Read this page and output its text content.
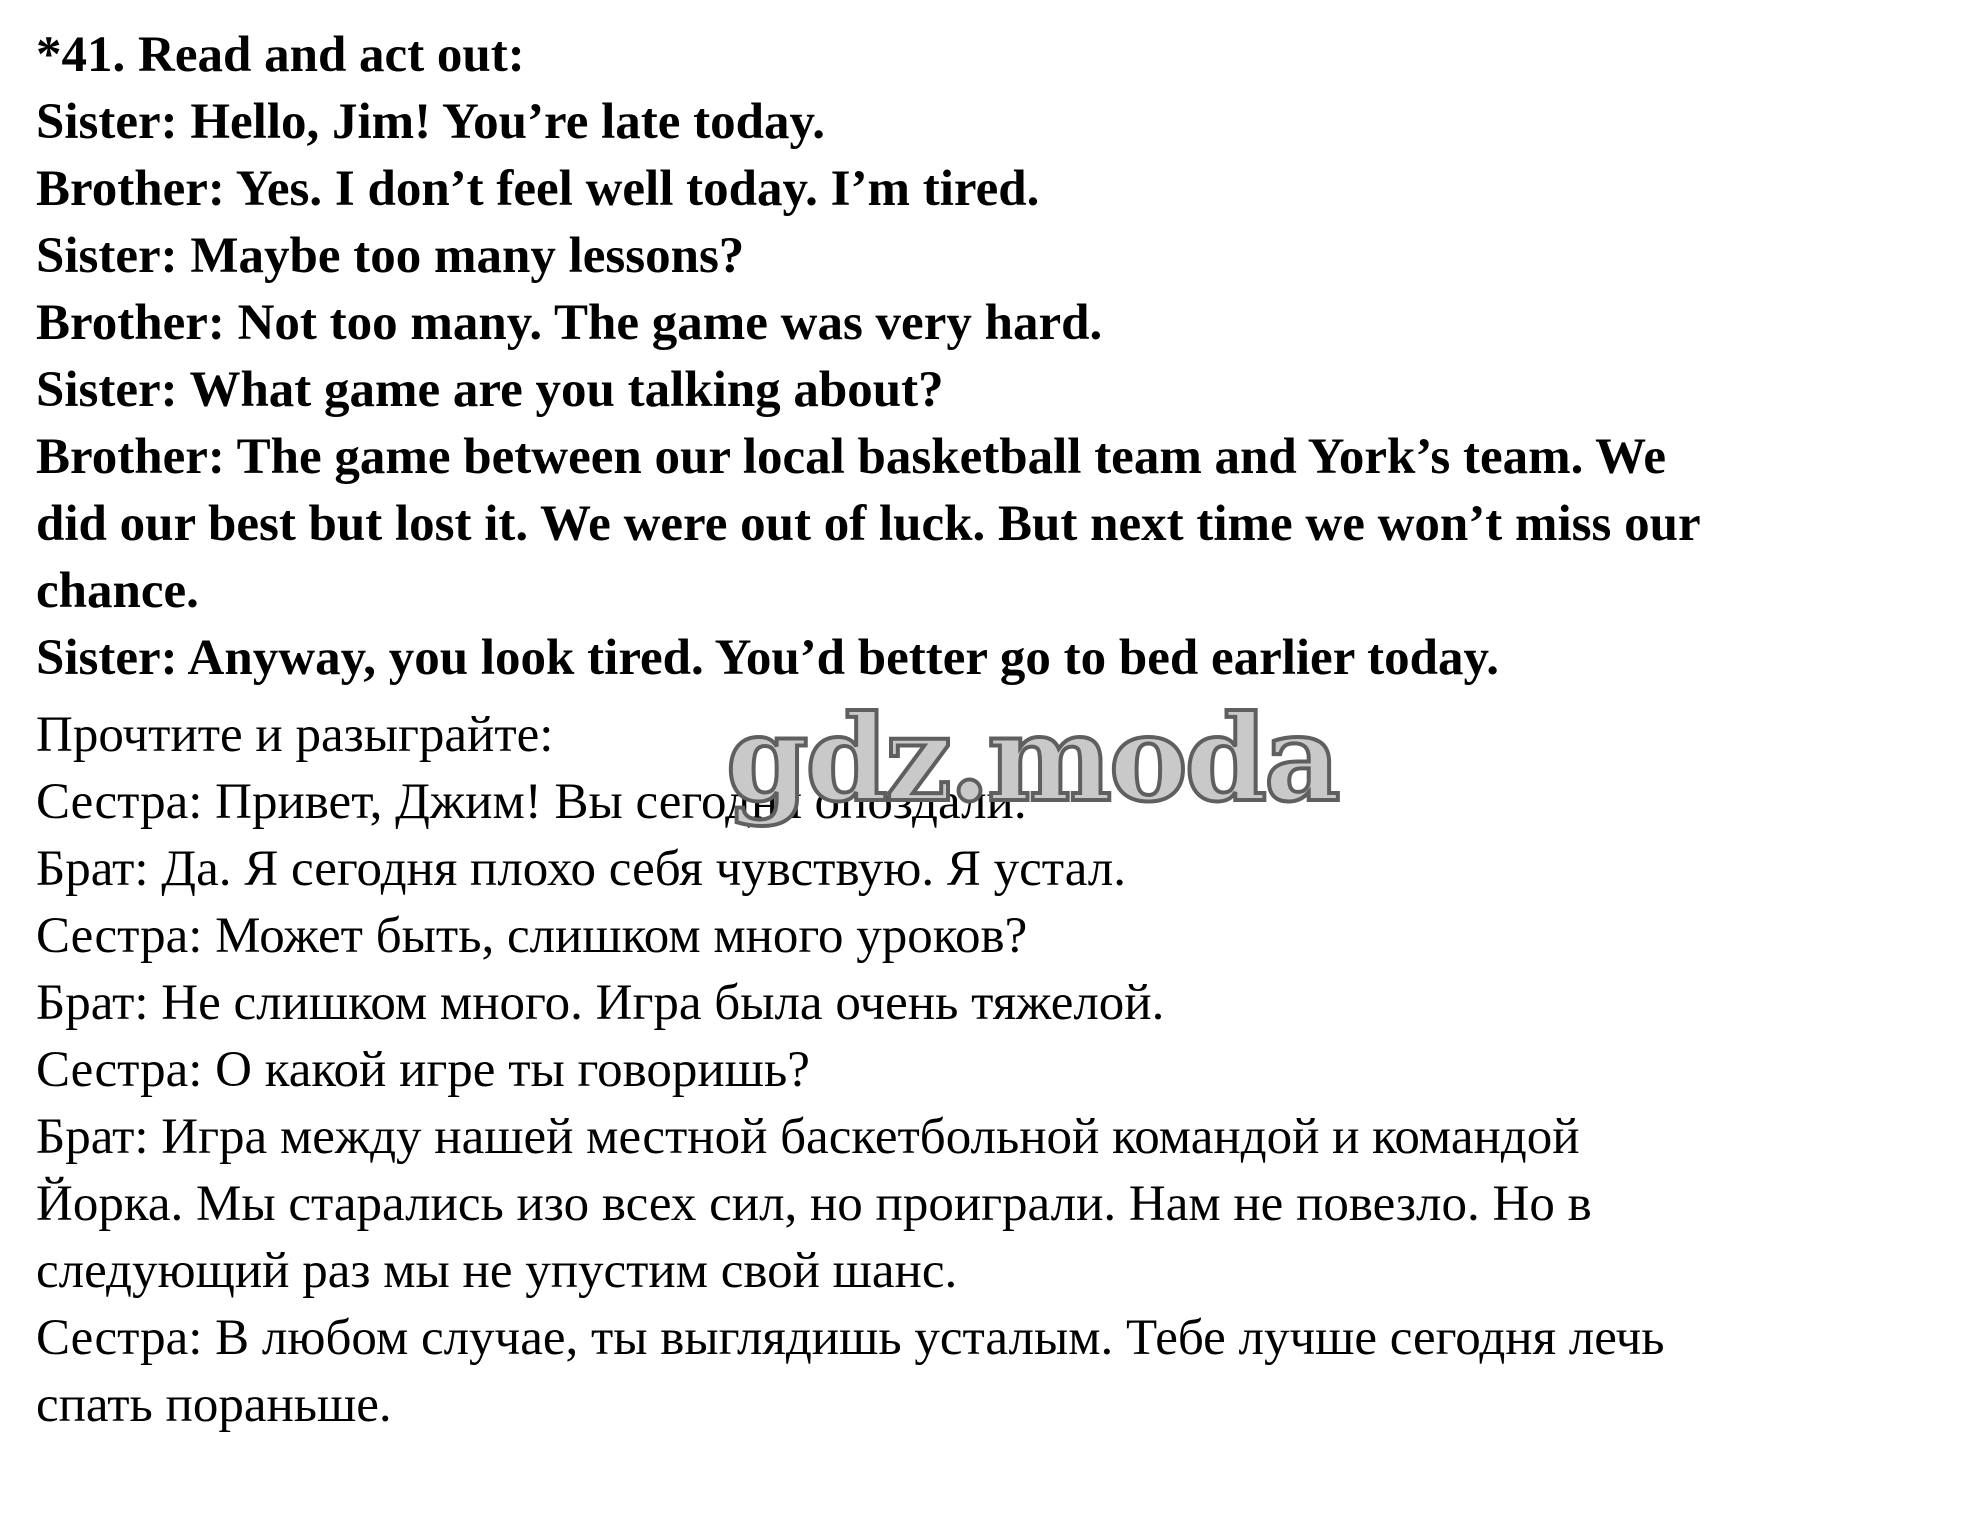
*41. Read and act out:
Sister: Hello, Jim! You’re late today.
Brother: Yes. I don’t feel well today. I’m tired.
Sister: Maybe too many lessons?
Brother: Not too many. The game was very hard.
Sister: What game are you talking about?
Brother: The game between our local basketball team and York’s team. We
did our best but lost it. We were out of luck. But next time we won’t miss our
chance.
Sister: Anyway, you look tired. You’d better go to bed earlier today.
Прочтите и разыграйте:
Сестра: Привет, Джим! Вы сегодня опоздали.
Брат: Да. Я сегодня плохо себя чувствую. Я устал.
Сестра: Может быть, слишком много уроков?
Брат: Не слишком много. Игра была очень тяжелой.
Сестра: О какой игре ты говоришь?
Брат: Игра между нашей местной баскетбольной командой и командой
Йорка. Мы старались изо всех сил, но проиграли. Нам не повезло. Но в
следующий раз мы не упустим свой шанс.
Сестра: В любом случае, ты выглядишь усталым. Тебе лучше сегодня лечь
спать пораньше.
gdz.moda
